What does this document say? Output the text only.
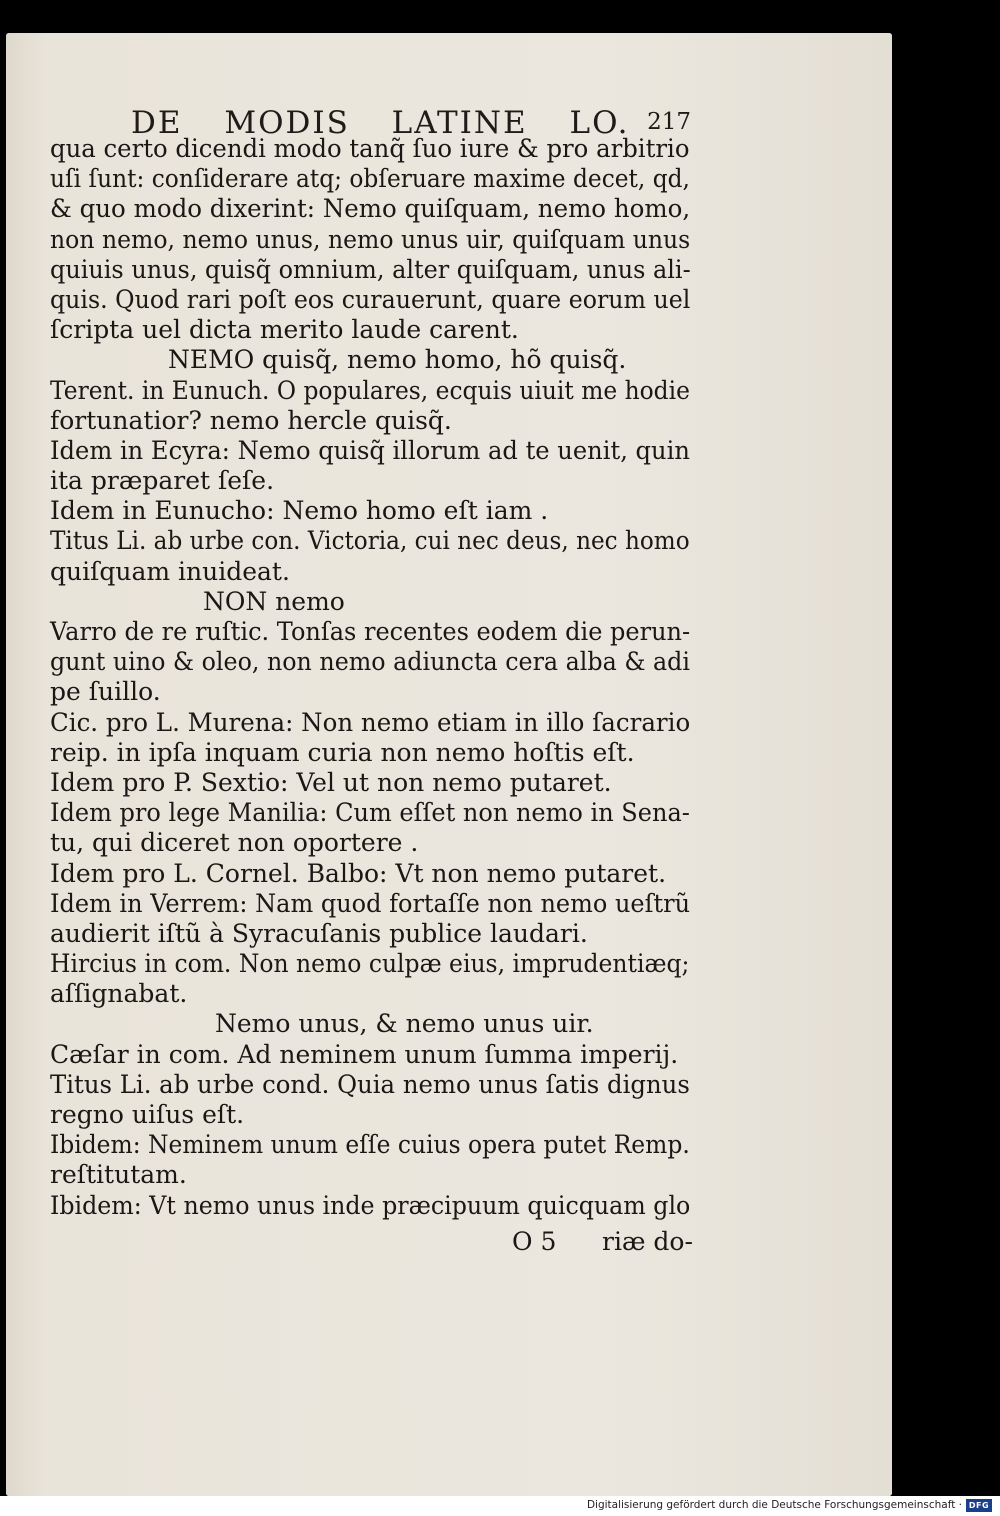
DE MODIS LATINE LO. 217
qua certo dicendi modo tanq̃ ſuo iure & pro arbitrio
uſi ſunt: conſiderare atq; obſeruare maxime decet, qd,
& quo modo dixerint: Nemo quiſquam, nemo homo,
non nemo, nemo unus, nemo unus uir, quiſquam unus
quiuis unus, quisq̃ omnium, alter quiſquam, unus ali-
quis. Quod rari poſt eos curauerunt, quare eorum uel
ſcripta uel dicta merito laude carent.
NEMO quisq̃, nemo homo, hõ quisq̃.
Terent. in Eunuch. O populares, ecquis uiuit me hodie
fortunatior? nemo hercle quisq̃.
Idem in Ecyra: Nemo quisq̃ illorum ad te uenit, quin
ita præparet ſeſe.
Idem in Eunucho: Nemo homo eſt iam .
Titus Li. ab urbe con. Victoria, cui nec deus, nec homo
quiſquam inuideat.
NON nemo
Varro de re ruſtic. Tonſas recentes eodem die perun-
gunt uino & oleo, non nemo adiuncta cera alba & adi
pe ſuillo.
Cic. pro L. Murena: Non nemo etiam in illo ſacrario
reip. in ipſa inquam curia non nemo hoſtis eſt.
Idem pro P. Sextio: Vel ut non nemo putaret.
Idem pro lege Manilia: Cum eſſet non nemo in Sena-
tu, qui diceret non oportere .
Idem pro L. Cornel. Balbo: Vt non nemo putaret.
Idem in Verrem: Nam quod fortaſſe non nemo ueſtrũ
audierit iſtũ à Syracuſanis publice laudari.
Hircius in com. Non nemo culpæ eius, imprudentiæq;
aſſignabat.
Nemo unus, & nemo unus uir.
Cæſar in com. Ad neminem unum ſumma imperij.
Titus Li. ab urbe cond. Quia nemo unus ſatis dignus
regno uiſus eſt.
Ibidem: Neminem unum eſſe cuius opera putet Remp.
reſtitutam.
Ibidem: Vt nemo unus inde præcipuum quicquam glo
O 5 riæ do-
Digitalisierung gefördert durch die Deutsche Forschungsgemeinschaft · DFG
